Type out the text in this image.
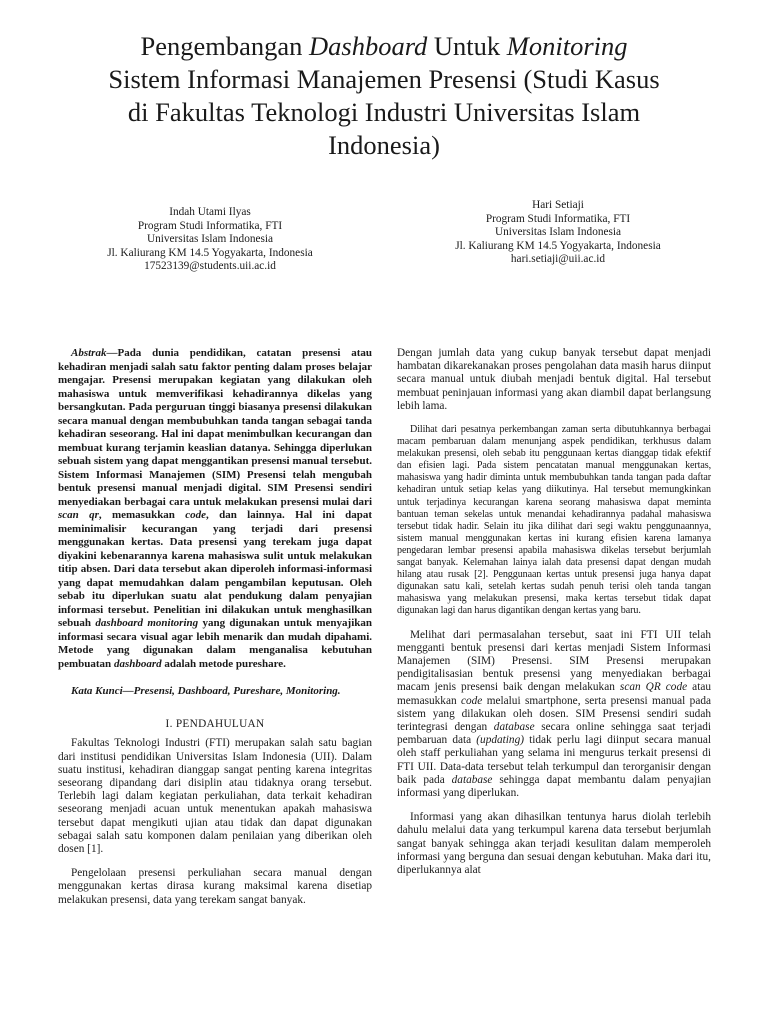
Pengembangan Dashboard Untuk Monitoring
Sistem Informasi Manajemen Presensi (Studi Kasus
di Fakultas Teknologi Industri Universitas Islam
Indonesia)
Indah Utami Ilyas
Program Studi Informatika, FTI
Universitas Islam Indonesia
Jl. Kaliurang KM 14.5 Yogyakarta, Indonesia
17523139@students.uii.ac.id
Hari Setiaji
Program Studi Informatika, FTI
Universitas Islam Indonesia
Jl. Kaliurang KM 14.5 Yogyakarta, Indonesia
hari.setiaji@uii.ac.id

Abstrak—Pada dunia pendidikan, catatan presensi atau kehadiran menjadi salah satu faktor penting dalam proses belajar mengajar. Presensi merupakan kegiatan yang dilakukan oleh mahasiswa untuk memverifikasi kehadirannya dikelas yang bersangkutan. Pada perguruan tinggi biasanya presensi dilakukan secara manual dengan membubuhkan tanda tangan sebagai tanda kehadiran seseorang. Hal ini dapat menimbulkan kecurangan dan membuat kurang terjamin keaslian datanya. Sehingga diperlukan sebuah sistem yang dapat menggantikan presensi manual tersebut. Sistem Informasi Manajemen (SIM) Presensi telah mengubah bentuk presensi manual menjadi digital. SIM Presensi sendiri menyediakan berbagai cara untuk melakukan presensi mulai dari scan qr, memasukkan code, dan lainnya. Hal ini dapat meminimalisir kecurangan yang terjadi dari presensi menggunakan kertas. Data presensi yang terekam juga dapat diyakini kebenarannya karena mahasiswa sulit untuk melakukan titip absen. Dari data tersebut akan diperoleh informasi-informasi yang dapat memudahkan dalam pengambilan keputusan. Oleh sebab itu diperlukan suatu alat pendukung dalam penyajian informasi tersebut. Penelitian ini dilakukan untuk menghasilkan sebuah dashboard monitoring yang digunakan untuk menyajikan informasi secara visual agar lebih menarik dan mudah dipahami. Metode yang digunakan dalam menganalisa kebutuhan pembuatan dashboard adalah metode pureshare.

Kata Kunci—Presensi, Dashboard, Pureshare, Monitoring.

I. PENDAHULUAN

Fakultas Teknologi Industri (FTI) merupakan salah satu bagian dari institusi pendidikan Universitas Islam Indonesia (UII). Dalam suatu institusi, kehadiran dianggap sangat penting karena integritas seseorang dipandang dari disiplin atau tidaknya orang tersebut. Terlebih lagi dalam kegiatan perkuliahan, data terkait kehadiran seseorang menjadi acuan untuk menentukan apakah mahasiswa tersebut dapat mengikuti ujian atau tidak dan dapat digunakan sebagai salah satu komponen dalam penilaian yang diberikan oleh dosen [1].

Pengelolaan presensi perkuliahan secara manual dengan menggunakan kertas dirasa kurang maksimal karena disetiap melakukan presensi, data yang terekam sangat banyak.

Dengan jumlah data yang cukup banyak tersebut dapat menjadi hambatan dikarekanakan proses pengolahan data masih harus diinput secara manual untuk diubah menjadi bentuk digital. Hal tersebut membuat peninjauan informasi yang akan diambil dapat berlangsung lebih lama.

Dilihat dari pesatnya perkembangan zaman serta dibutuhkannya berbagai macam pembaruan dalam menunjang aspek pendidikan, terkhusus dalam melakukan presensi, oleh sebab itu penggunaan kertas dianggap tidak efektif dan efisien lagi. Pada sistem pencatatan manual menggunakan kertas, mahasiswa yang hadir diminta untuk membubuhkan tanda tangan pada daftar kehadiran untuk setiap kelas yang diikutinya. Hal tersebut memungkinkan untuk terjadinya kecurangan karena seorang mahasiswa dapat meminta bantuan teman sekelas untuk menandai kehadirannya padahal mahasiswa tersebut tidak hadir. Selain itu jika dilihat dari segi waktu penggunaannya, sistem manual menggunakan kertas ini kurang efisien karena lamanya pengedaran lembar presensi apabila mahasiswa dikelas tersebut berjumlah sangat banyak. Kelemahan lainya ialah data presensi dapat dengan mudah hilang atau rusak [2]. Penggunaan kertas untuk presensi juga hanya dapat digunakan satu kali, setelah kertas sudah penuh terisi oleh tanda tangan mahasiswa yang melakukan presensi, maka kertas tersebut tidak dapat digunakan lagi dan harus digantikan dengan kertas yang baru.

Melihat dari permasalahan tersebut, saat ini FTI UII telah mengganti bentuk presensi dari kertas menjadi Sistem Informasi Manajemen (SIM) Presensi. SIM Presensi merupakan pendigitalisasian bentuk presensi yang menyediakan berbagai macam jenis presensi baik dengan melakukan scan QR code atau memasukkan code melalui smartphone, serta presensi manual pada sistem yang dilakukan oleh dosen. SIM Presensi sendiri sudah terintegrasi dengan database secara online sehingga saat terjadi pembaruan data (updating) tidak perlu lagi diinput secara manual oleh staff perkuliahan yang selama ini mengurus terkait presensi di FTI UII. Data-data tersebut telah terkumpul dan terorganisir dengan baik pada database sehingga dapat membantu dalam penyajian informasi yang diperlukan.

Informasi yang akan dihasilkan tentunya harus diolah terlebih dahulu melalui data yang terkumpul karena data tersebut berjumlah sangat banyak sehingga akan terjadi kesulitan dalam memperoleh informasi yang berguna dan sesuai dengan kebutuhan. Maka dari itu, diperlukannya alat
